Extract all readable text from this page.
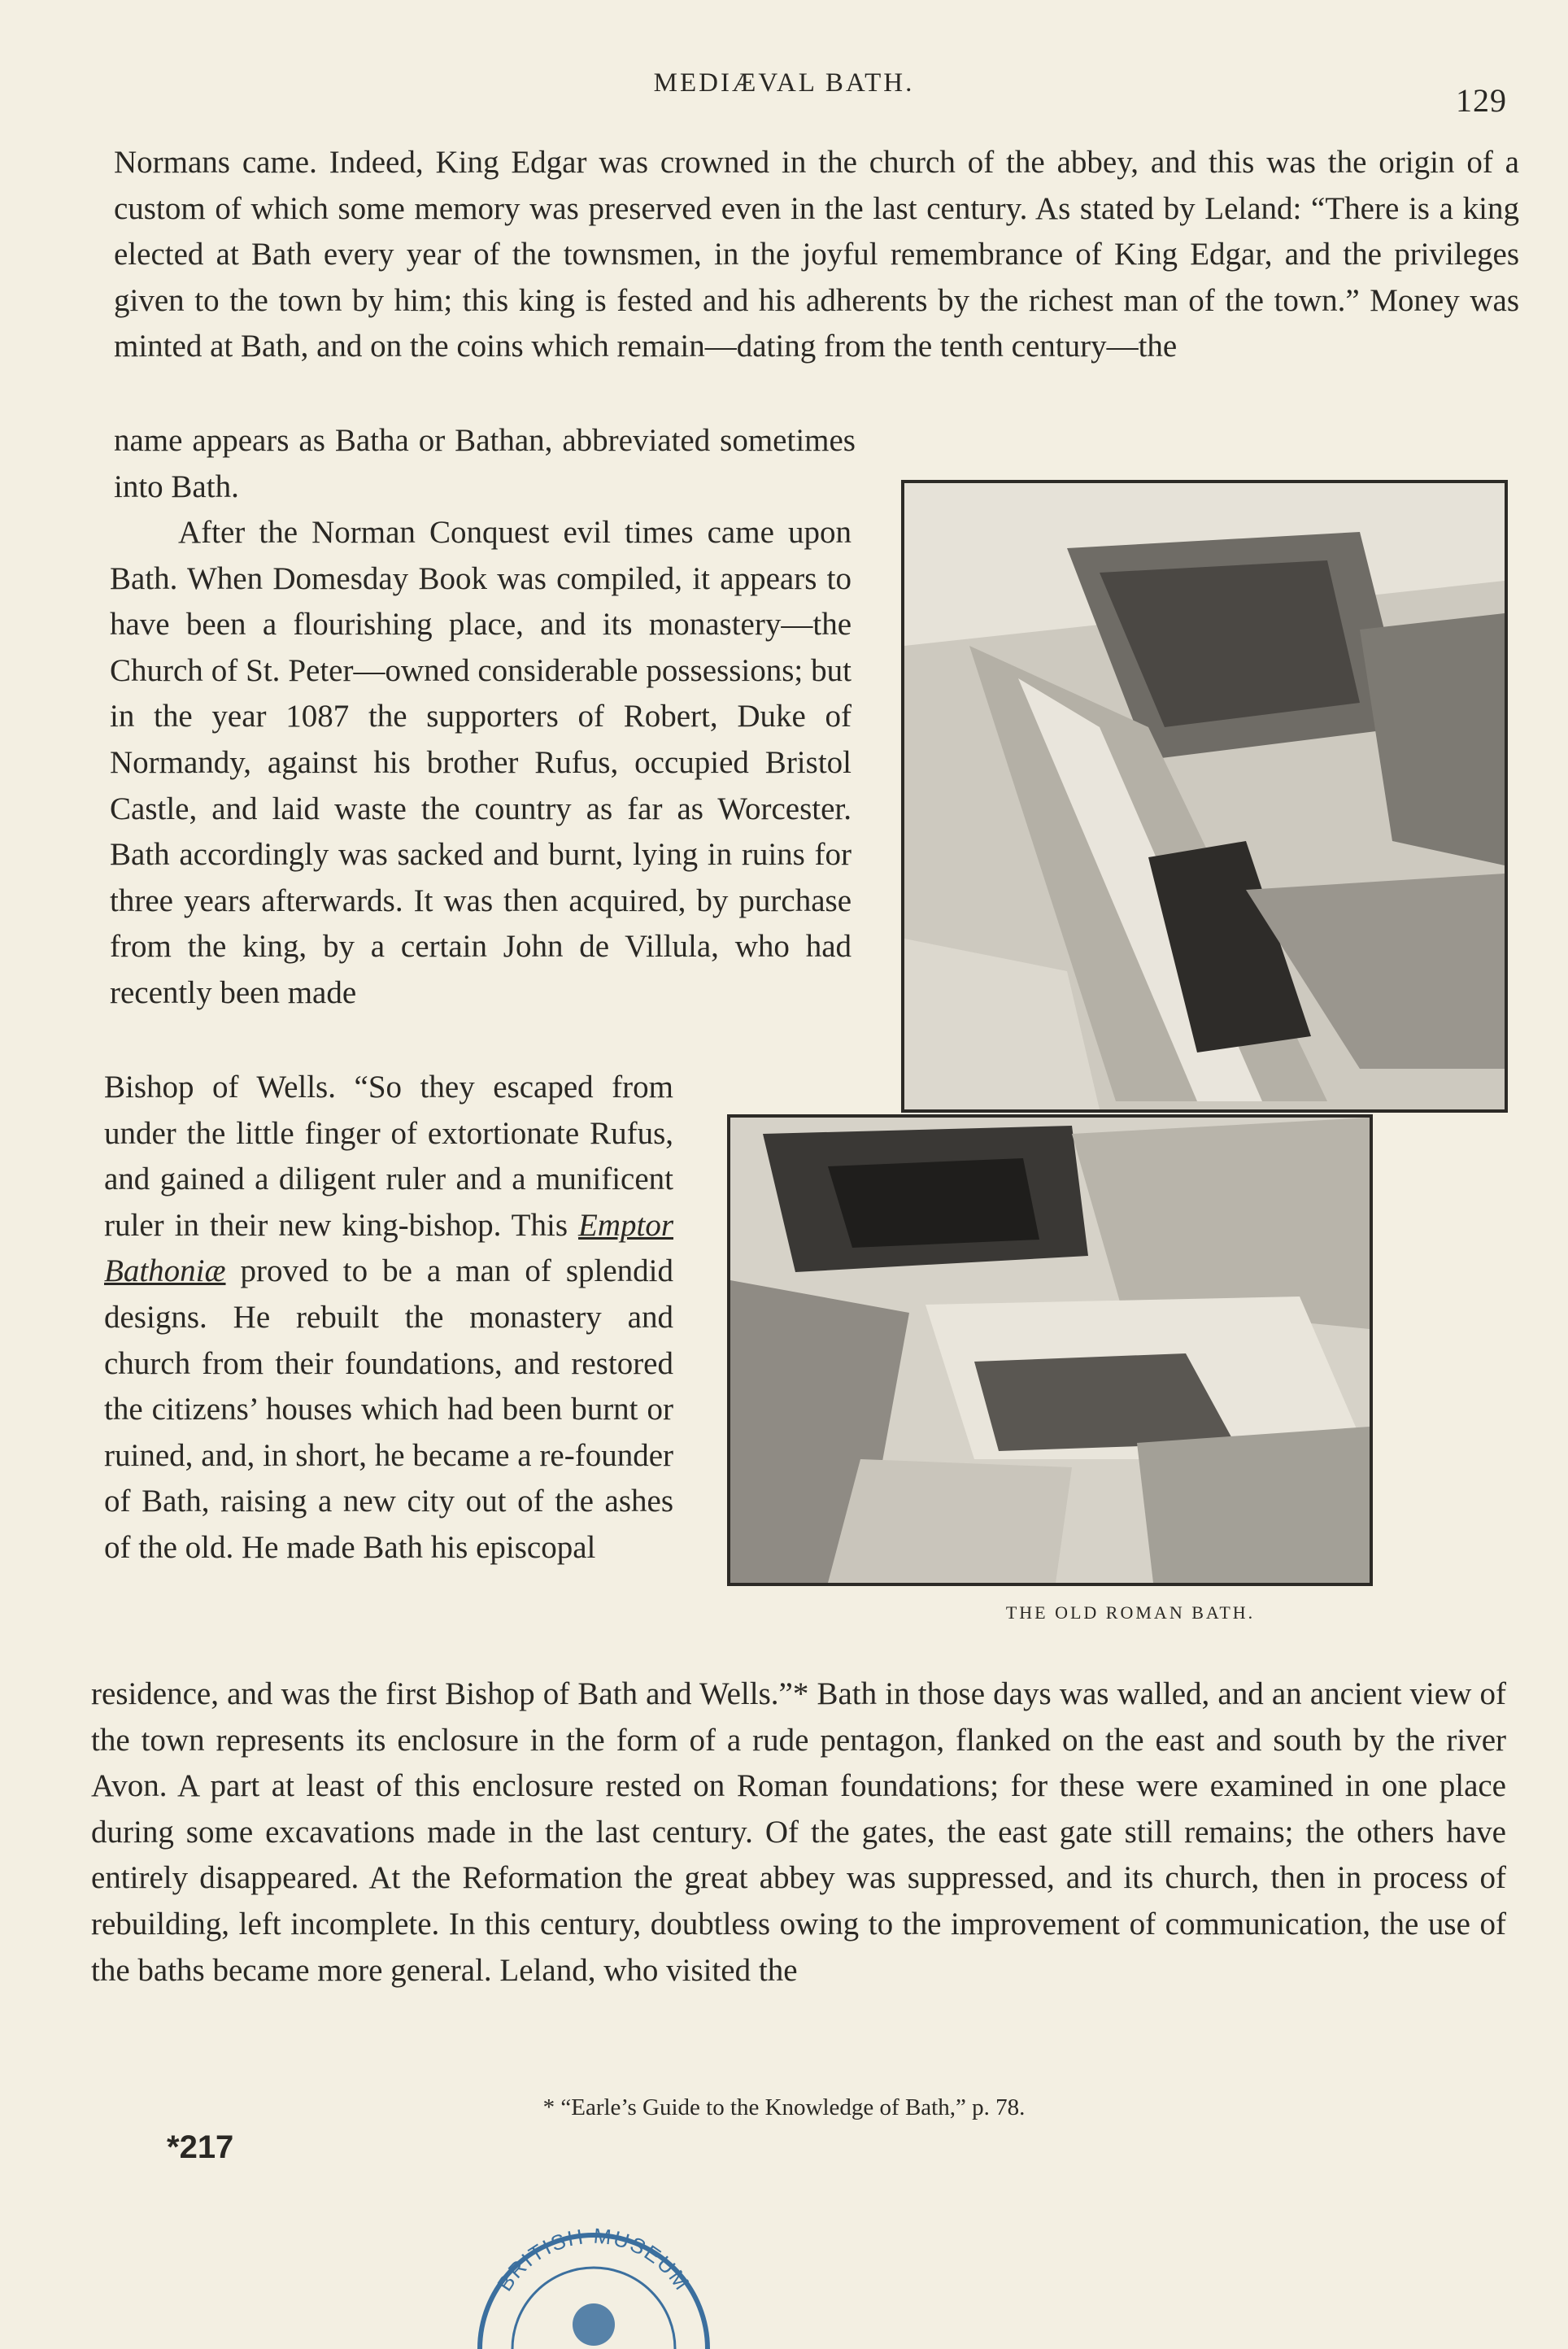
MEDIÆVAL BATH.	129

Normans came. Indeed, King Edgar was crowned in the church of the abbey, and this was the origin of a custom of which some memory was preserved even in the last century. As stated by Leland: “There is a king elected at Bath every year of the townsmen, in the joyful remembrance of King Edgar, and the privileges given to the town by him; this king is fested and his adherents by the richest man of the town.” Money was minted at Bath, and on the coins which remain—dating from the tenth century—the

name appears as Batha or Bathan, abbreviated sometimes into Bath.

After the Norman Conquest evil times came upon Bath. When Domesday Book was compiled, it appears to have been a flourishing place, and its monastery—the Church of St. Peter—owned considerable possessions; but in the year 1087 the supporters of Robert, Duke of Normandy, against his brother Rufus, occupied Bristol Castle, and laid waste the country as far as Worcester. Bath accordingly was sacked and burnt, lying in ruins for three years afterwards. It was then acquired, by purchase from the king, by a certain John de Villula, who had recently been made

Bishop of Wells. “So they escaped from under the little finger of extortionate Rufus, and gained a diligent ruler and a munificent ruler in their new king-bishop. This Emptor Bathoniæ proved to be a man of splendid designs. He rebuilt the monastery and church from their foundations, and restored the citizens’ houses which had been burnt or ruined, and, in short, he became a re-founder of Bath, raising a new city out of the ashes of the old. He made Bath his episcopal

residence, and was the first Bishop of Bath and Wells.”* Bath in those days was walled, and an ancient view of the town represents its enclosure in the form of a rude pentagon, flanked on the east and south by the river Avon. A part at least of this enclosure rested on Roman foundations; for these were examined in one place during some excavations made in the last century. Of the gates, the east gate still remains; the others have entirely disappeared. At the Reformation the great abbey was suppressed, and its church, then in process of rebuilding, left incomplete. In this century, doubtless owing to the improvement of communication, the use of the baths became more general. Leland, who visited the

THE OLD ROMAN BATH.
* “Earle’s Guide to the Knowledge of Bath,” p. 78.
*217
BRITISH MUSEUM
